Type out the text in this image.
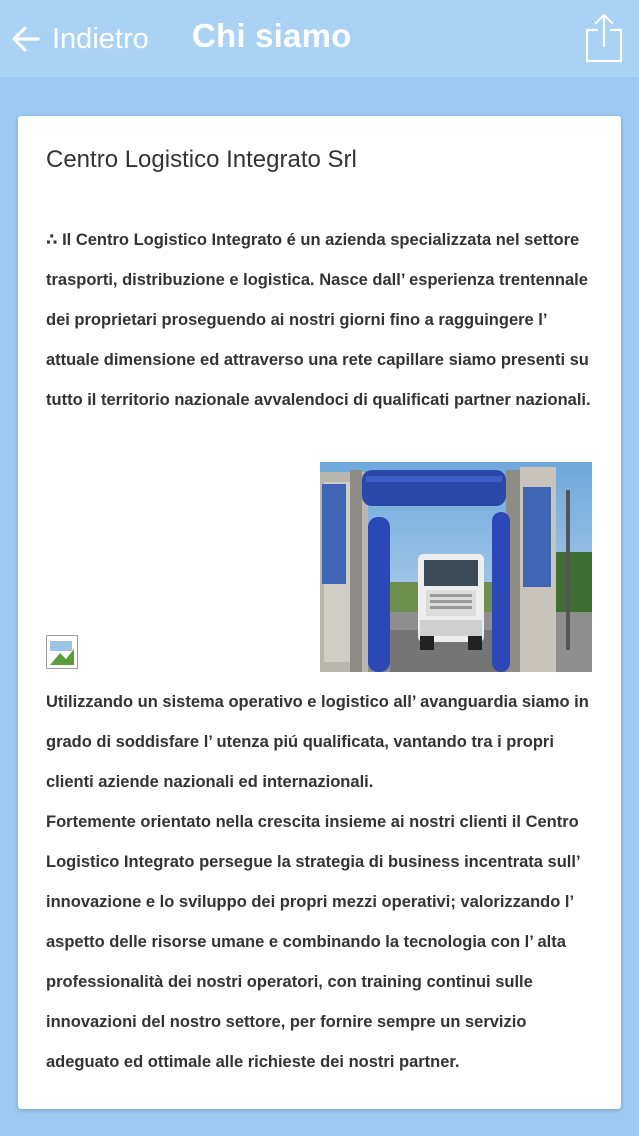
Indietro Chi siamo
Centro Logistico Integrato Srl
∴ Il Centro Logistico Integrato é un azienda specializzata nel settore trasporti, distribuzione e logistica. Nasce dall’ esperienza trentennale dei proprietari proseguendo ai nostri giorni fino a ragguingere l’ attuale dimensione ed attraverso una rete capillare siamo presenti su tutto il territorio nazionale avvalendoci di qualificati partner nazionali.

Utilizzando un sistema operativo e logistico all’ avanguardia siamo in grado di soddisfare l’ utenza piú qualificata, vantando tra i propri clienti aziende nazionali ed internazionali.

Fortemente orientato nella crescita insieme ai nostri clienti il Centro Logistico Integrato persegue la strategia di business incentrata sull’ innovazione e lo sviluppo dei propri mezzi operativi; valorizzando l’ aspetto delle risorse umane e combinando la tecnologia con l’ alta professionalità dei nostri operatori, con training continui sulle innovazioni del nostro settore, per fornire sempre un servizio adeguato ed ottimale alle richieste dei nostri partner.
